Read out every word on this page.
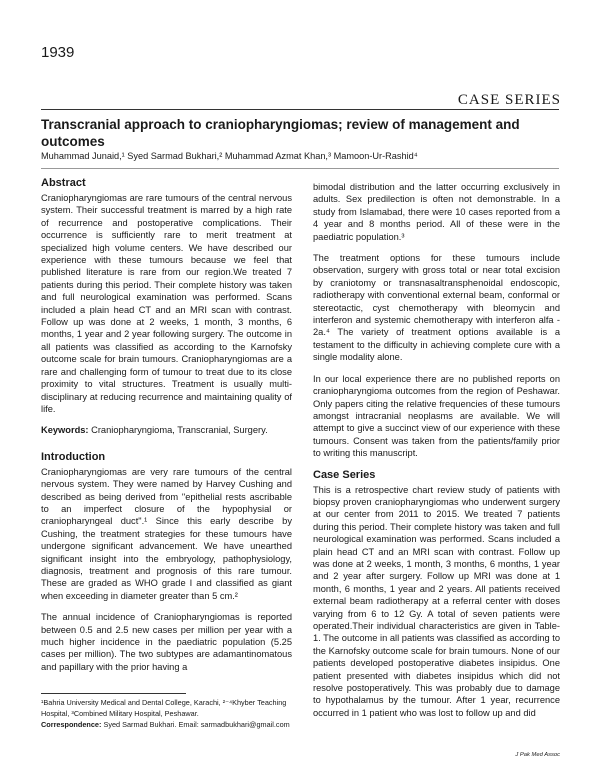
1939
CASE SERIES
Transcranial approach to craniopharyngiomas; review of management and outcomes
Muhammad Junaid,¹ Syed Sarmad Bukhari,² Muhammad Azmat Khan,³ Mamoon-Ur-Rashid⁴
Abstract

Craniopharyngiomas are rare tumours of the central nervous system. Their successful treatment is marred by a high rate of recurrence and postoperative complications. Their occurrence is sufficiently rare to merit treatment at specialized high volume centers. We have described our experience with these tumours because we feel that published literature is rare from our region.We treated 7 patients during this period. Their complete history was taken and full neurological examination was performed. Scans included a plain head CT and an MRI scan with contrast. Follow up was done at 2 weeks, 1 month, 3 months, 6 months, 1 year and 2 year following surgery. The outcome in all patients was classified as according to the Karnofsky outcome scale for brain tumours. Craniopharyngiomas are a rare and challenging form of tumour to treat due to its close proximity to vital structures. Treatment is usually multi-disciplinary at reducing recurrence and maintaining quality of life.

Keywords: Craniopharyngioma, Transcranial, Surgery.

Introduction

Craniopharyngiomas are very rare tumours of the central nervous system. They were named by Harvey Cushing and described as being derived from "epithelial rests ascribable to an imperfect closure of the hypophysial or craniopharyngeal duct".¹ Since this early describe by Cushing, the treatment strategies for these tumours have undergone significant advancement. We have unearthed significant insight into the embryology, pathophysiology, diagnosis, treatment and prognosis of this rare tumour. These are graded as WHO grade I and classified as giant when exceeding in diameter greater than 5 cm.²

The annual incidence of Craniopharyngiomas is reported between 0.5 and 2.5 new cases per million per year with a much higher incidence in the paediatric population (5.25 cases per million). The two subtypes are adamantinomatous and papillary with the prior having a

bimodal distribution and the latter occurring exclusively in adults. Sex predilection is often not demonstrable. In a study from Islamabad, there were 10 cases reported from a 4 year and 8 months period. All of these were in the paediatric population.³

The treatment options for these tumours include observation, surgery with gross total or near total excision by craniotomy or transnasaltransphenoidal endoscopic, radiotherapy with conventional external beam, conformal or stereotactic, cyst chemotherapy with bleomycin and interferon and systemic chemotherapy with interferon alfa - 2a.⁴ The variety of treatment options available is a testament to the difficulty in achieving complete cure with a single modality alone.

In our local experience there are no published reports on craniopharyngioma outcomes from the region of Peshawar. Only papers citing the relative frequencies of these tumours amongst intracranial neoplasms are available. We will attempt to give a succinct view of our experience with these tumours. Consent was taken from the patients/family prior to writing this manuscript.

Case Series

This is a retrospective chart review study of patients with biopsy proven craniopharyngiomas who underwent surgery at our center from 2011 to 2015. We treated 7 patients during this period. Their complete history was taken and full neurological examination was performed. Scans included a plain head CT and an MRI scan with contrast. Follow up was done at 2 weeks, 1 month, 3 months, 6 months, 1 year and 2 year after surgery. Follow up MRI was done at 1 month, 6 months, 1 year and 2 years. All patients received external beam radiotherapy at a referral center with doses varying from 6 to 12 Gy. A total of seven patients were operated.Their individual characteristics are given in Table-1. The outcome in all patients was classified as according to the Karnofsky outcome scale for brain tumours. None of our patients developed postoperative diabetes insipidus. One patient presented with diabetes insipidus which did not resolve postoperatively. This was probably due to damage to hypothalamus by the tumour. After 1 year, recurrence occurred in 1 patient who was lost to follow up and did

¹Bahria University Medical and Dental College, Karachi, ²⁻⁴Khyber Teaching Hospital, ³Combined Military Hospital, Peshawar.
Correspondence: Syed Sarmad Bukhari. Email: sarmadbukhari@gmail.com
J Pak Med Assoc
